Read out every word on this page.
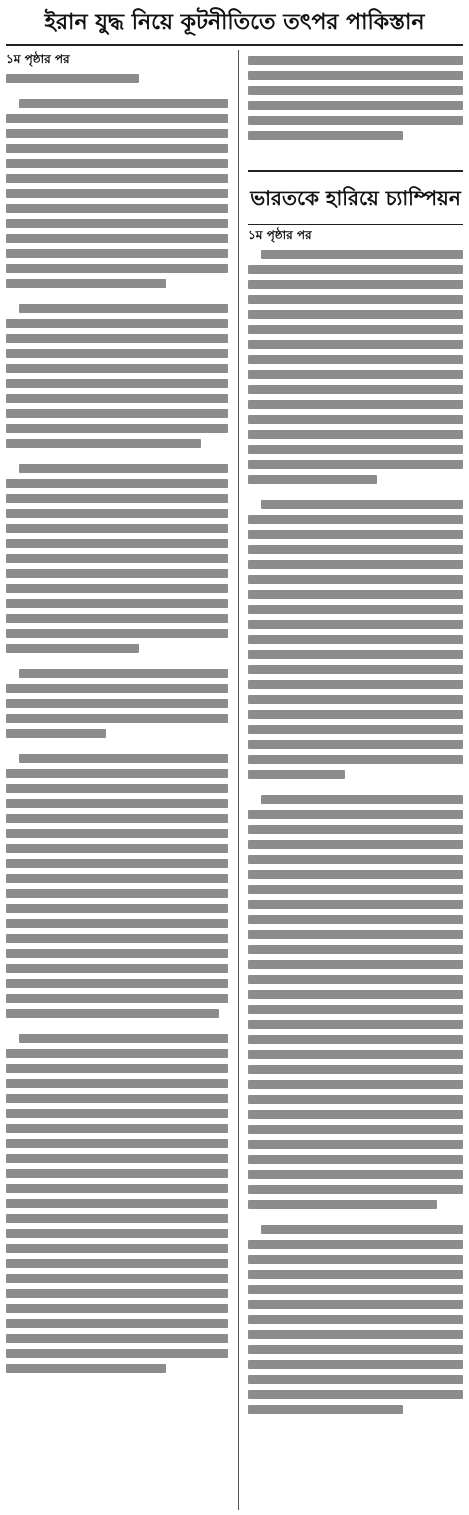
ইরান যুদ্ধ নিয়ে কূটনীতিতে তৎপর পাকিস্তান
১ম পৃষ্ঠার পর
ভারতকে হারিয়ে চ্যাম্পিয়ন
১ম পৃষ্ঠার পর
